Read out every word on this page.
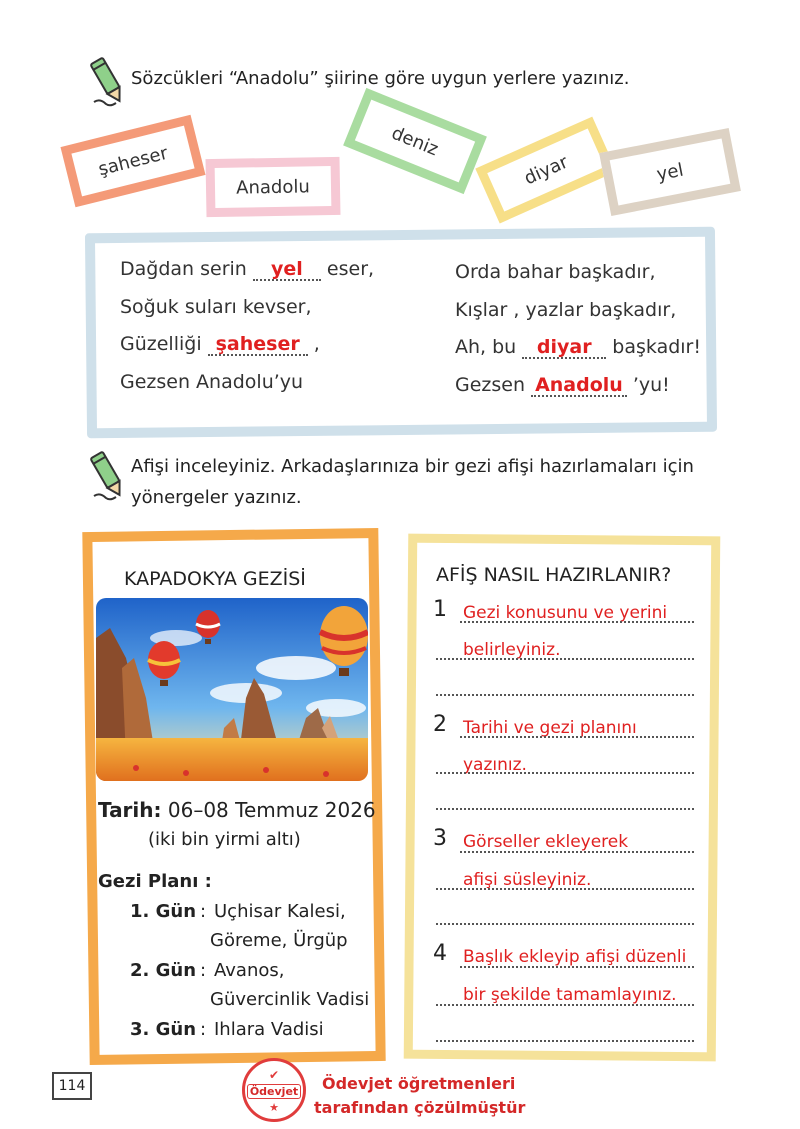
Sözcükleri “Anadolu” şiirine göre uygun yerlere yazınız.
şaheser
Anadolu
deniz
diyar	yel
Dağdan serin yel eser,
Soğuk suları kevser,
Güzelliği şaheser ,
Gezsen Anadolu’yu
Orda bahar başkadır,
Kışlar , yazlar başkadır,
Ah, bu diyar başkadır!
Gezsen Anadolu ’yu!
Afişi inceleyiniz. Arkadaşlarınıza bir gezi afişi hazırlamaları için
yönergeler yazınız.
KAPADOKYA GEZİSİ
Tarih: 06–08 Temmuz 2026
(iki bin yirmi altı)
Gezi Planı :
1. Gün : Uçhisar Kalesi,
Göreme, Ürgüp
2. Gün : Avanos,
Güvercinlik Vadisi
3. Gün : Ihlara Vadisi
AFİŞ NASIL HAZIRLANIR?
1 Gezi konusunu ve yerini
belirleyiniz.
2 Tarihi ve gezi planını
yazınız.
3 Görseller ekleyerek
afişi süsleyiniz.
4 Başlık ekleyip afişi düzenli
bir şekilde tamamlayınız.
114
✔
Ödevjet
★
Ödevjet öğretmenleri
tarafından çözülmüştür
